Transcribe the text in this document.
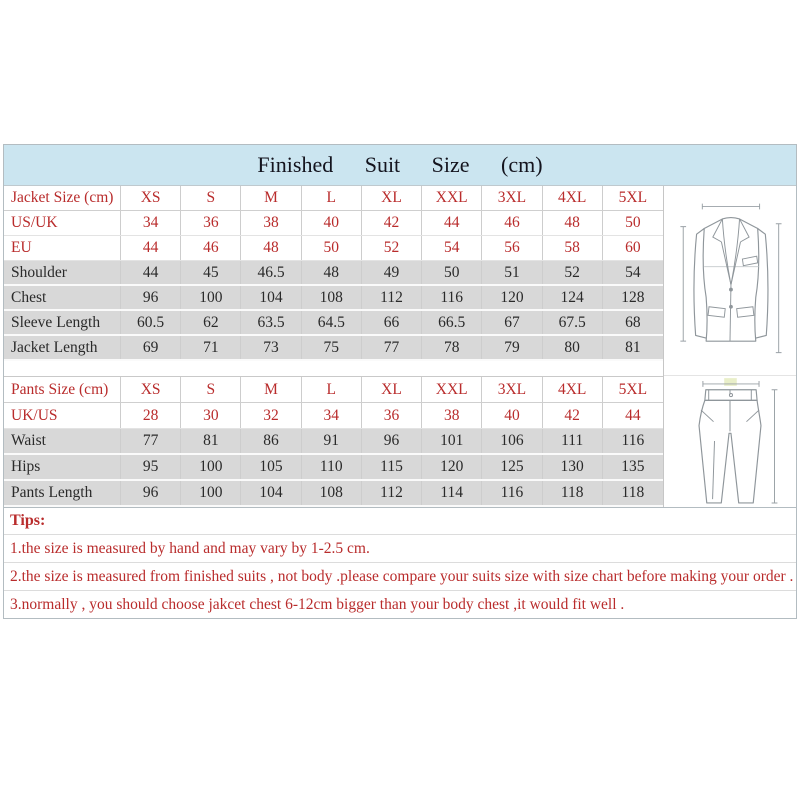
Finished Suit Size (cm)
Jacket Size (cm)	XS	S	M	L	XL	XXL	3XL	4XL	5XL
US/UK	34	36	38	40	42	44	46	48	50
EU	44	46	48	50	52	54	56	58	60
Shoulder	44	45	46.5	48	49	50	51	52	54
Chest	96	100	104	108	112	116	120	124	128
Sleeve Length	60.5	62	63.5	64.5	66	66.5	67	67.5	68
Jacket Length	69	71	73	75	77	78	79	80	81
Pants Size (cm)	XS	S	M	L	XL	XXL	3XL	4XL	5XL
UK/US	28	30	32	34	36	38	40	42	44
Waist	77	81	86	91	96	101	106	111	116
Hips	95	100	105	110	115	120	125	130	135
Pants Length	96	100	104	108	112	114	116	118	118
Tips:
1.the size is measured by hand and may vary by 1-2.5 cm.
2.the size is measured from finished suits , not body .please compare your suits size with size chart before making your order .
3.normally , you should choose jakcet chest 6-12cm bigger than your body chest ,it would fit well .
